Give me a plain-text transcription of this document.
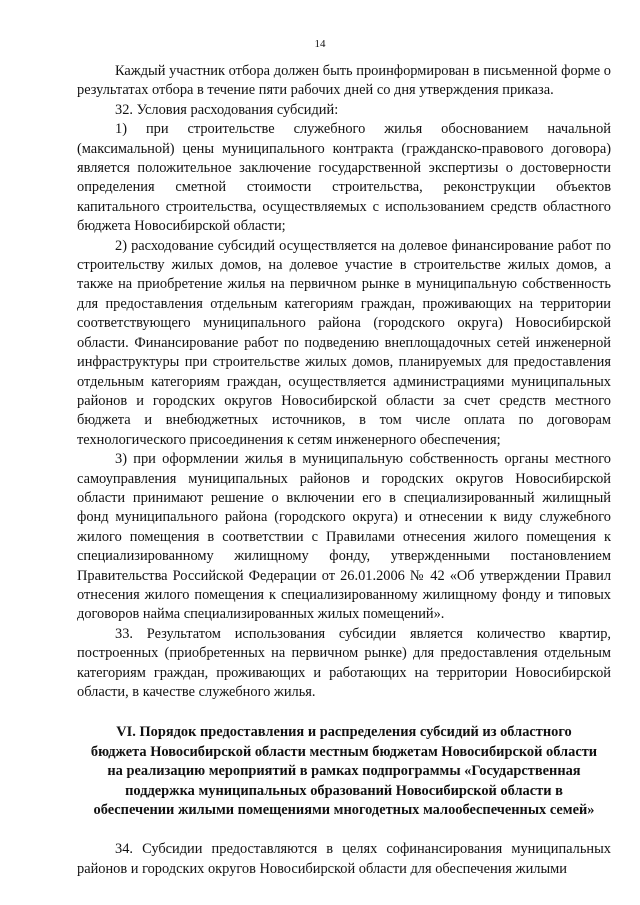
14

Каждый участник отбора должен быть проинформирован в письменной форме о результатах отбора в течение пяти рабочих дней со дня утверждения приказа.

32. Условия расходования субсидий:

1) при строительстве служебного жилья обоснованием начальной (максимальной) цены муниципального контракта (гражданско-правового договора) является положительное заключение государственной экспертизы о достоверности определения сметной стоимости строительства, реконструкции объектов капитального строительства, осуществляемых с использованием средств областного бюджета Новосибирской области;

2) расходование субсидий осуществляется на долевое финансирование работ по строительству жилых домов, на долевое участие в строительстве жилых домов, а также на приобретение жилья на первичном рынке в муниципальную собственность для предоставления отдельным категориям граждан, проживающих на территории соответствующего муниципального района (городского округа) Новосибирской области. Финансирование работ по подведению внеплощадочных сетей инженерной инфраструктуры при строительстве жилых домов, планируемых для предоставления отдельным категориям граждан, осуществляется администрациями муниципальных районов и городских округов Новосибирской области за счет средств местного бюджета и внебюджетных источников, в том числе оплата по договорам технологического присоединения к сетям инженерного обеспечения;

3) при оформлении жилья в муниципальную собственность органы местного самоуправления муниципальных районов и городских округов Новосибирской области принимают решение о включении его в специализированный жилищный фонд муниципального района (городского округа) и отнесении к виду служебного жилого помещения в соответствии с Правилами отнесения жилого помещения к специализированному жилищному фонду, утвержденными постановлением Правительства Российской Федерации от 26.01.2006 № 42 «Об утверждении Правил отнесения жилого помещения к специализированному жилищному фонду и типовых договоров найма специализированных жилых помещений».

33. Результатом использования субсидии является количество квартир, построенных (приобретенных на первичном рынке) для предоставления отдельным категориям граждан, проживающих и работающих на территории Новосибирской области, в качестве служебного жилья.

VI. Порядок предоставления и распределения субсидий из областного
бюджета Новосибирской области местным бюджетам Новосибирской области
на реализацию мероприятий в рамках подпрограммы «Государственная
поддержка муниципальных образований Новосибирской области в
обеспечении жилыми помещениями многодетных малообеспеченных семей»

34. Субсидии предоставляются в целях софинансирования муниципальных районов и городских округов Новосибирской области для обеспечения жилыми
